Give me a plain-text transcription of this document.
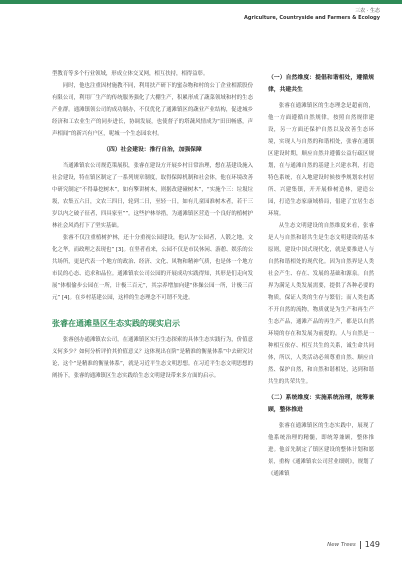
三农 · 生态
Agriculture, Countryside and Farmers & Ecology

型教育等多个行业领域，形成立体交叉网，相互扶持，相得益彰。

同时，他也注重因材施教不同，利用扶产研下的蜜杂物和村的公丁企业相派股份有限公司，利用厂生产的传统服务强化了大棚生产，积累形成了蔬菜领域和村的生态产业群。通滩镇领公司的成功制办，不仅优化了通滩镇区的蔬业产业结构，促进城乡经济和工农业生产的同步进长，协调发展，也使督子的塔蔬风情成为“田田畅感，声声相闻”的新兴有户区，呢城一个生态园农村。

（四）社会建设：推行自治，加强保障

当通滩镇农公司规范策展积，张睿在建设方开展乡村日常治理，想在基建设施入社会建设，特在镇区制定了一系列规章制度，取得保障机制和社会体，他在环境改善中研究制定“不得暴挖树木”，如有擎讲树木，则据改建碰树木”，“实施个三：垃圾垃圾，农集五六日，文农三四日，轮到二日，至轻一日，如有儿童园准树木者，若干三岁以内之破子征者，四具家至””。这些护林举措，为通滩镇区营造一个良好的植树护林社会风尚打下了坚实基础。

张睿不仅注重植树护林，还十分重视公园建设，他认为“公园者，人锻之地，文化之华，而政理之表现也” [3]。在坚者看来，公园不仅是市民休闲、游憩、娱乐的公共场所，更是代表一个地方的政治、经济、文化、风物和精神气质，也是体一个地方市民的心态、追求和品位。通滩镇农公司公园的开展成功实践得知，其形是们走向发展“体根偷步公园在一所，计极三百元”，其宗养增加向建“体操公园一所，计极三百元” [4]。在乡村基建公园，这样的生态理念不可谓不先进。

张睿在通滩垦区生态实践的现实启示

张睿创办通滩镇农公司，在通滩镇区实行生态探索的具体生态实践行为，价值意义何多少？如何分析评价其价值意义？这体现出在阶“是精准的衡量体系”中去研究讨论，这个“是精准的衡量体系”，就是习近平生态文明思想。在习近平生态文明思想的阐扬下，张睿的通滩镇区生态实践给生态文明建设带来多方面的启示。

（一）自然维度：提倡和谐相处，遵循规律，共建共生

张睿在通滩镇区的生态理念是超前的，他一方面遵循自然规律，按照自然规律建设，另一方面还保护自然以及改善生态环境，实现人与自然的和谐相处，张睿在通镇区建设时期，顺应自然并遵循公益行疏区规划，在与通滩自然的基建上兴建水利，打造特色系统，在入地建设时候按季规划农村居所、兴建集镇，开开展修树造林，建造公园，打造生态家康域格局，倡建了宜居生态环境。

从生态文明建设的自然维度来看，张睿是人与自然和谐共生是生态文明建设的基本原则，建设中国式现代化，就是要推进人与自然和谐相处的现代化。因为自然界是人类社会产生、存在、发展的基础和源泉。自然界为满足人类发展需要，提供了各种必要的物质，保证人类的生存与繁衍；而人类也离不开自然的流物，物质就是为生产和再生产生态产品，通滩产品的再生产，都是以自然环境的存在和发展为前提的。人与自然是一种相互依存、相互共生的关系，诚生命共同体，所以，人类活动必须尊重自然、顺应自然、保护自然，和自然和谐相处，达到和谐共生的共荣共生。

（二）系统维度：实施系统治理，统筹兼顾，整体推进

张睿在通滩镇区的生态实践中，展现了他系统治理的精髓，即统筹兼顾，整体推进。他首先制定了镇区建设的整体计划和愿景，重构《通滩镇农公司营业细则》，规划了《通滩镇

New Trees 149
